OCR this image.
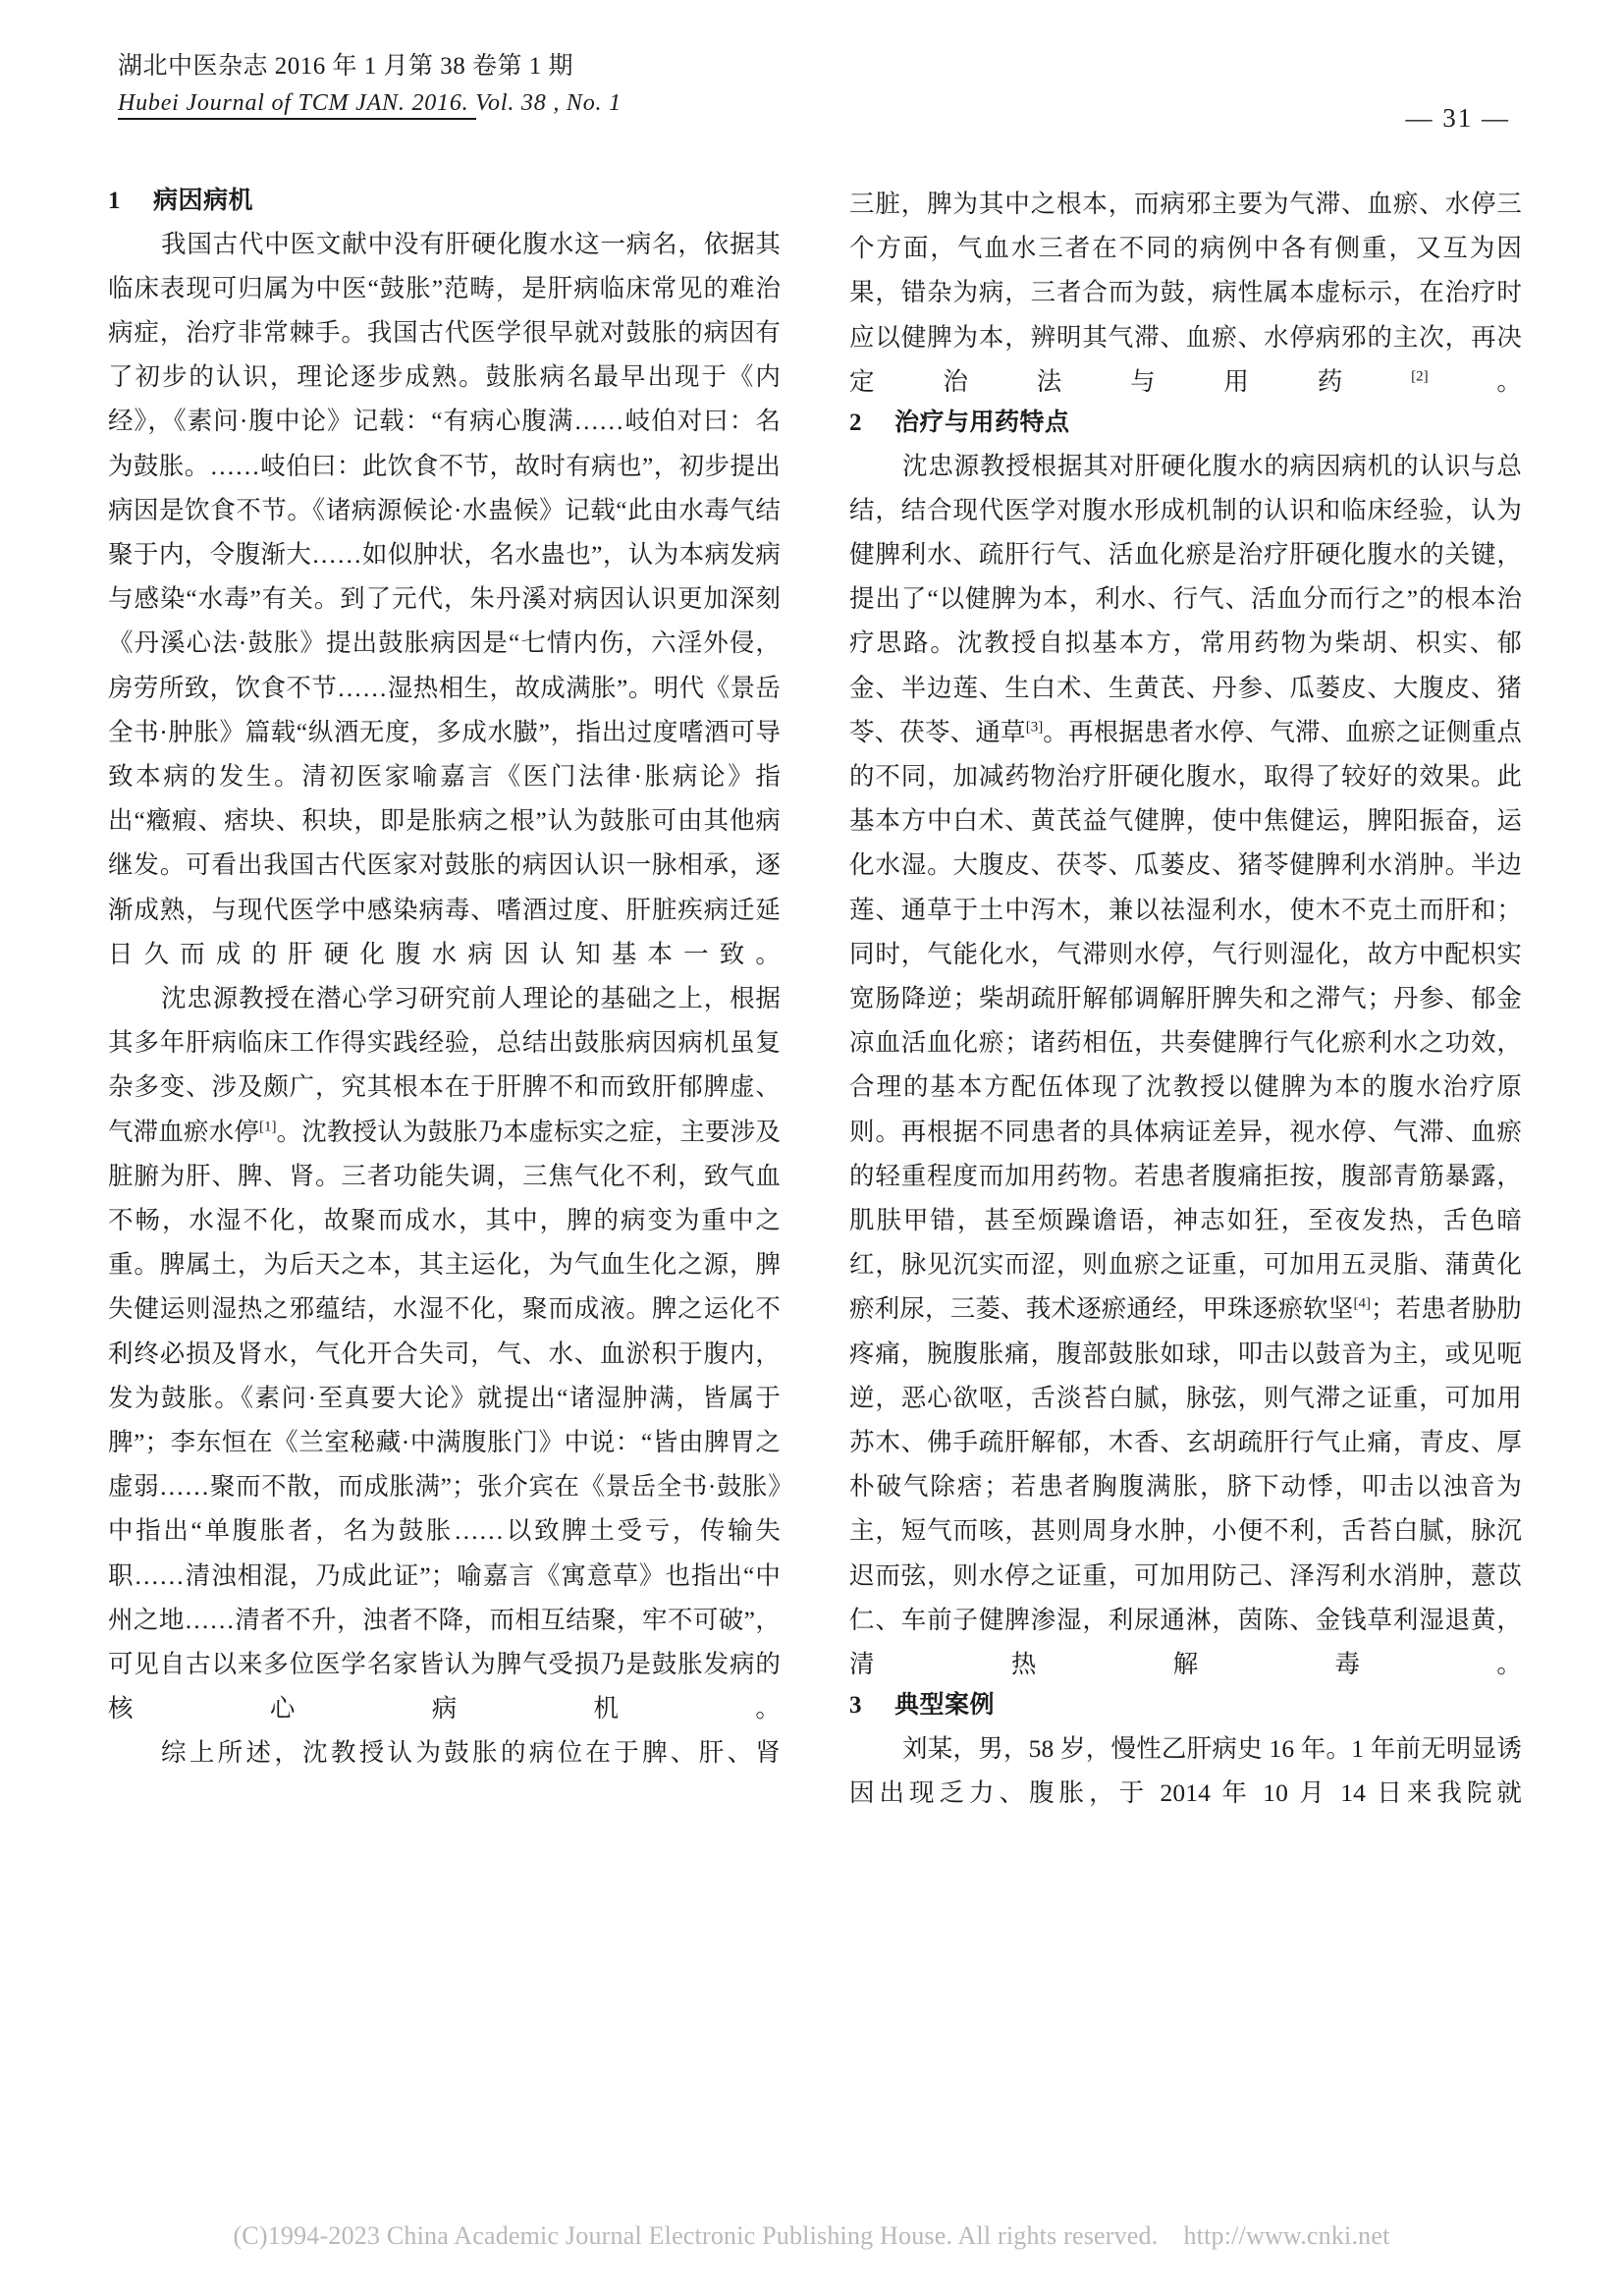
湖北中医杂志 2016 年 1 月第 38 卷第 1 期
Hubei Journal of TCM JAN. 2016. Vol. 38 , No. 1	— 31 —
1 病因病机

我国古代中医文献中没有肝硬化腹水这一病名，依据其临床表现可归属为中医“鼓胀”范畴，是肝病临床常见的难治病症，治疗非常棘手。我国古代医学很早就对鼓胀的病因有了初步的认识，理论逐步成熟。鼓胀病名最早出现于《内经》，《素问·腹中论》记载：“有病心腹满……岐伯对曰：名为鼓胀。……岐伯曰：此饮食不节，故时有病也”，初步提出病因是饮食不节。《诸病源候论·水蛊候》记载“此由水毒气结聚于内，令腹渐大……如似肿状，名水蛊也”，认为本病发病与感染“水毒”有关。到了元代，朱丹溪对病因认识更加深刻《丹溪心法·鼓胀》提出鼓胀病因是“七情内伤，六淫外侵，房劳所致，饮食不节……湿热相生，故成满胀”。明代《景岳全书·肿胀》篇载“纵酒无度，多成水臌”，指出过度嗜酒可导致本病的发生。清初医家喻嘉言《医门法律·胀病论》指出“癥瘕、痞块、积块，即是胀病之根”认为鼓胀可由其他病继发。可看出我国古代医家对鼓胀的病因认识一脉相承，逐渐成熟，与现代医学中感染病毒、嗜酒过度、肝脏疾病迁延日久而成的肝硬化腹水病因认知基本一致。

沈忠源教授在潜心学习研究前人理论的基础之上，根据其多年肝病临床工作得实践经验，总结出鼓胀病因病机虽复杂多变、涉及颇广，究其根本在于肝脾不和而致肝郁脾虚、气滞血瘀水停[1]。沈教授认为鼓胀乃本虚标实之症，主要涉及脏腑为肝、脾、肾。三者功能失调，三焦气化不利，致气血不畅，水湿不化，故聚而成水，其中，脾的病变为重中之重。脾属土，为后天之本，其主运化，为气血生化之源，脾失健运则湿热之邪蕴结，水湿不化，聚而成液。脾之运化不利终必损及肾水，气化开合失司，气、水、血淤积于腹内，发为鼓胀。《素问·至真要大论》就提出“诸湿肿满，皆属于脾”；李东恒在《兰室秘藏·中满腹胀门》中说：“皆由脾胃之虚弱……聚而不散，而成胀满”；张介宾在《景岳全书·鼓胀》中指出“单腹胀者，名为鼓胀……以致脾土受亏，传输失职……清浊相混，乃成此证”；喻嘉言《寓意草》也指出“中州之地……清者不升，浊者不降，而相互结聚，牢不可破”，可见自古以来多位医学名家皆认为脾气受损乃是鼓胀发病的核心病机。

综上所述，沈教授认为鼓胀的病位在于脾、肝、肾

三脏，脾为其中之根本，而病邪主要为气滞、血瘀、水停三个方面，气血水三者在不同的病例中各有侧重，又互为因果，错杂为病，三者合而为鼓，病性属本虚标示，在治疗时应以健脾为本，辨明其气滞、血瘀、水停病邪的主次，再决定治法与用药[2]。

2 治疗与用药特点

沈忠源教授根据其对肝硬化腹水的病因病机的认识与总结，结合现代医学对腹水形成机制的认识和临床经验，认为健脾利水、疏肝行气、活血化瘀是治疗肝硬化腹水的关键，提出了“以健脾为本，利水、行气、活血分而行之”的根本治疗思路。沈教授自拟基本方，常用药物为柴胡、枳实、郁金、半边莲、生白术、生黄芪、丹参、瓜蒌皮、大腹皮、猪苓、茯苓、通草[3]。再根据患者水停、气滞、血瘀之证侧重点的不同，加减药物治疗肝硬化腹水，取得了较好的效果。此基本方中白术、黄芪益气健脾，使中焦健运，脾阳振奋，运化水湿。大腹皮、茯苓、瓜蒌皮、猪苓健脾利水消肿。半边莲、通草于土中泻木，兼以祛湿利水，使木不克土而肝和；同时，气能化水，气滞则水停，气行则湿化，故方中配枳实宽肠降逆；柴胡疏肝解郁调解肝脾失和之滞气；丹参、郁金凉血活血化瘀；诸药相伍，共奏健脾行气化瘀利水之功效，合理的基本方配伍体现了沈教授以健脾为本的腹水治疗原则。再根据不同患者的具体病证差异，视水停、气滞、血瘀的轻重程度而加用药物。若患者腹痛拒按，腹部青筋暴露，肌肤甲错，甚至烦躁谵语，神志如狂，至夜发热，舌色暗红，脉见沉实而涩，则血瘀之证重，可加用五灵脂、蒲黄化瘀利尿，三菱、莪术逐瘀通经，甲珠逐瘀软坚[4]；若患者胁肋疼痛，腕腹胀痛，腹部鼓胀如球，叩击以鼓音为主，或见呃逆，恶心欲呕，舌淡苔白腻，脉弦，则气滞之证重，可加用苏木、佛手疏肝解郁，木香、玄胡疏肝行气止痛，青皮、厚朴破气除痞；若患者胸腹满胀，脐下动悸，叩击以浊音为主，短气而咳，甚则周身水肿，小便不利，舌苔白腻，脉沉迟而弦，则水停之证重，可加用防己、泽泻利水消肿，薏苡仁、车前子健脾渗湿，利尿通淋，茵陈、金钱草利湿退黄，清热解毒。

3 典型案例

刘某，男，58 岁，慢性乙肝病史 16 年。1 年前无明显诱因出现乏力、腹胀，于 2014 年 10 月 14 日来我院就

(C)1994-2023 China Academic Journal Electronic Publishing House. All rights reserved. http://www.cnki.net
